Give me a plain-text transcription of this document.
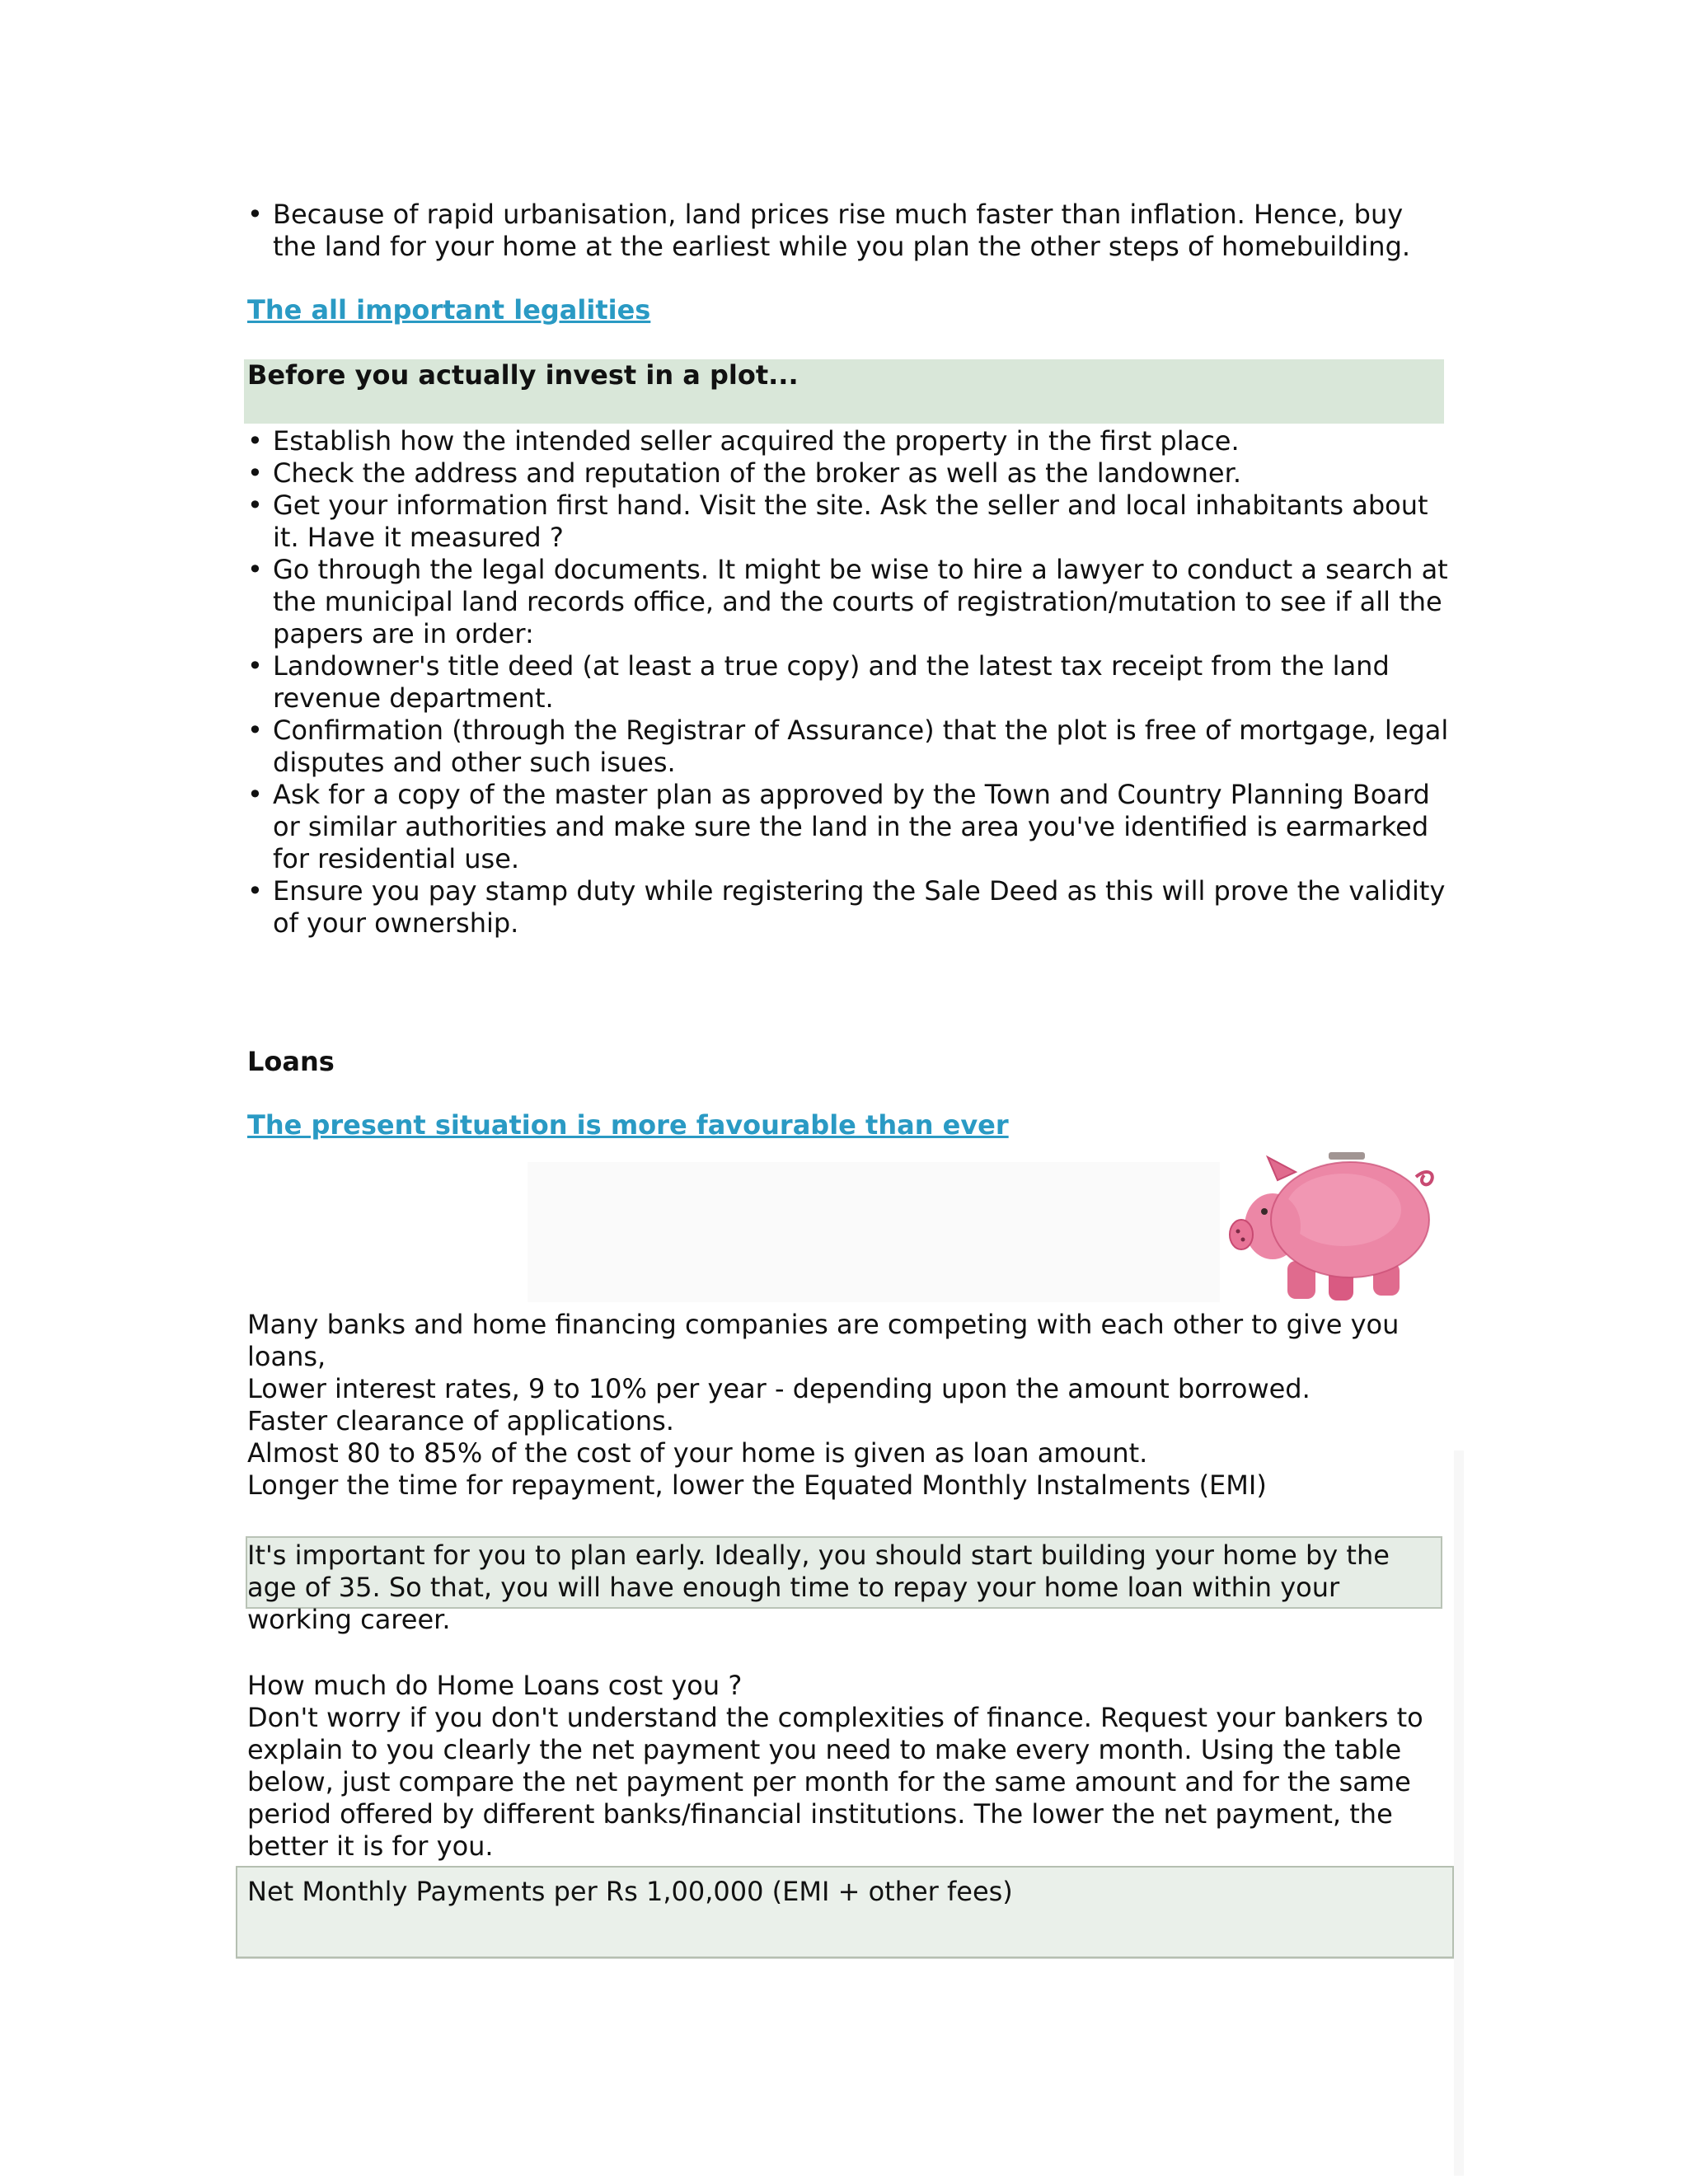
• Because of rapid urbanisation, land prices rise much faster than inflation. Hence, buy the land for your home at the earliest while you plan the other steps of homebuilding.
The all important legalities
Before you actually invest in a plot...
• Establish how the intended seller acquired the property in the first place.
• Check the address and reputation of the broker as well as the landowner.
• Get your information first hand. Visit the site. Ask the seller and local inhabitants about it. Have it measured ?
• Go through the legal documents. It might be wise to hire a lawyer to conduct a search at the municipal land records office, and the courts of registration/mutation to see if all the papers are in order:
• Landowner's title deed (at least a true copy) and the latest tax receipt from the land revenue department.
• Confirmation (through the Registrar of Assurance) that the plot is free of mortgage, legal disputes and other such isues.
• Ask for a copy of the master plan as approved by the Town and Country Planning Board or similar authorities and make sure the land in the area you've identified is earmarked for residential use.
• Ensure you pay stamp duty while registering the Sale Deed as this will prove the validity of your ownership.
Loans
The present situation is more favourable than ever
Many banks and home financing companies are competing with each other to give you loans,
Lower interest rates, 9 to 10% per year - depending upon the amount borrowed.
Faster clearance of applications.
Almost 80 to 85% of the cost of your home is given as loan amount.
Longer the time for repayment, lower the Equated Monthly Instalments (EMI)
It's important for you to plan early. Ideally, you should start building your home by the age of 35. So that, you will have enough time to repay your home loan within your working career.
How much do Home Loans cost you ?
Don't worry if you don't understand the complexities of finance. Request your bankers to explain to you clearly the net payment you need to make every month. Using the table below, just compare the net payment per month for the same amount and for the same period offered by different banks/financial institutions. The lower the net payment, the better it is for you.
Net Monthly Payments per Rs 1,00,000 (EMI + other fees)
